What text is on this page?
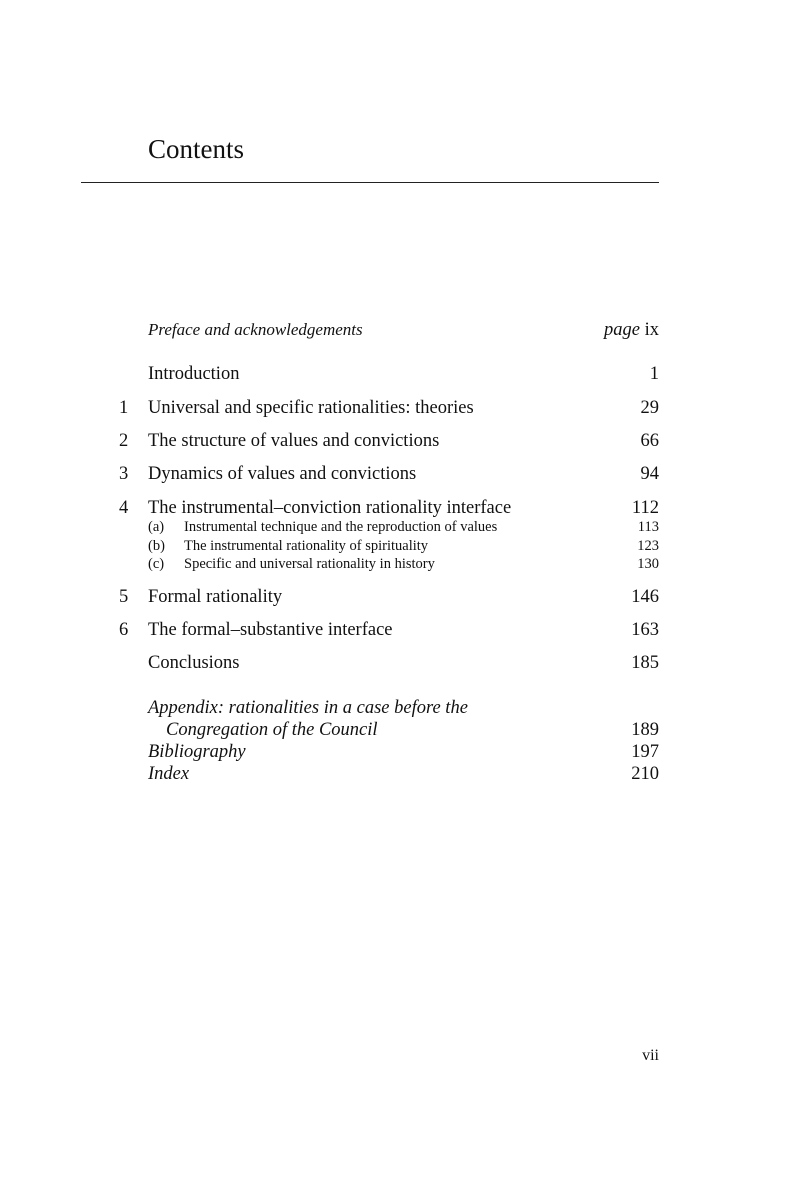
Contents
Preface and acknowledgements	page ix
Introduction	1
1 Universal and specific rationalities: theories	29
2 The structure of values and convictions	66
3 Dynamics of values and convictions	94
4 The instrumental–conviction rationality interface	112
(a) Instrumental technique and the reproduction of values	113
(b) The instrumental rationality of spirituality	123
(c) Specific and universal rationality in history	130
5 Formal rationality	146
6 The formal–substantive interface	163
Conclusions	185
Appendix: rationalities in a case before the
Congregation of the Council	189
Bibliography	197
Index	210
vii
